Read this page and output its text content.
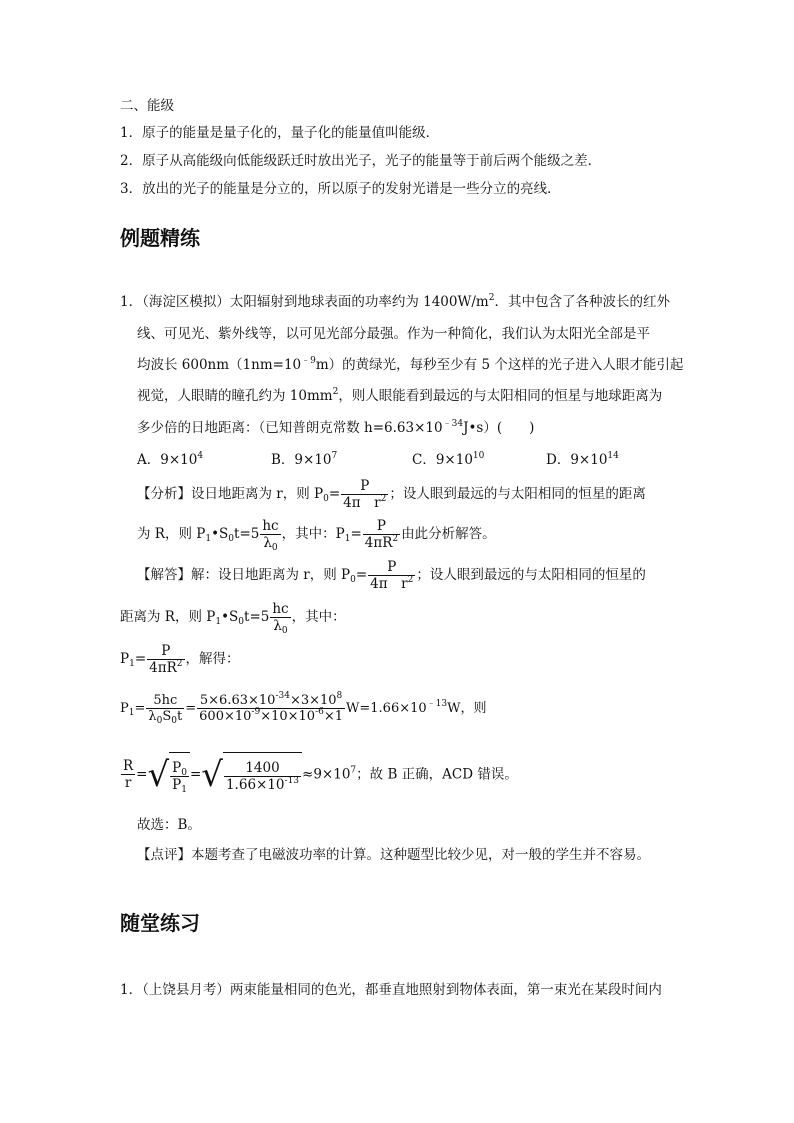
二、能级
1．原子的能量是量子化的，量子化的能量值叫能级．
2．原子从高能级向低能级跃迁时放出光子，光子的能量等于前后两个能级之差．
3．放出的光子的能量是分立的，所以原子的发射光谱是一些分立的亮线．
例题精练
1．（海淀区模拟）太阳辐射到地球表面的功率约为 $1400W/m^2$．其中包含了各种波长的红外
线、可见光、紫外线等，以可见光部分最强。作为一种简化，我们认为太阳光全部是平
均波长 $600nm(1nm=10^{﹣9}m)$的黄绿光，每秒至少有 5 个这样的光子进入人眼才能引起
视觉，人眼睛的瞳孔约为 $10mm^2$，则人眼能看到最远的与太阳相同的恒星与地球距离为
多少倍的日地距离：（已知普朗克常数 $h=6.63\times 10^{﹣34}J•s$）(　　)
A．$9\times 10^4$	B．$9\times 10^7$	C．$9\times 10^{10}$	D．$9\times 10^{14}$
【分析】设日地距离为 r，则 $P_0= \frac{P}{4\pi r^2}$ ；设人眼到最远的与太阳相同的恒星的距离
为 R，则 $P_1•S_0t=5 \frac{hc}{\lambda_0}$ ，其中：$P_1= \frac{P}{4\pi R^2}$ 由此分析解答。
【解答】解：设日地距离为 r，则 $P_0= \frac{P}{4\pi r^2}$ ；设人眼到最远的与太阳相同的恒星的
距离为 R，则 $P_1•S_0t=5 \frac{hc}{\lambda_0}$ ，其中：
$P_1= \frac{P}{4\pi R^2}$ ，解得：
$P_1= \frac{5hc}{\lambda_0S_0t} = \frac{5\times 6.63\times 10^{-34}\times 3\times 10^8}{600\times 10^{-9}\times 10\times 10^{-6}\times 1} W=1.66\times 10^{﹣13}W$，则
$\frac{R}{r}$ =√ $\frac{P_0}{P_1}$ =√ $\frac{1400}{1.66\times 10^{-13}} \approx 9\times 10^7$；故 B 正确，ACD 错误。
故选：B。
【点评】本题考查了电磁波功率的计算。这种题型比较少见，对一般的学生并不容易。
随堂练习
1．（上饶县月考）两束能量相同的色光，都垂直地照射到物体表面，第一束光在某段时间内
